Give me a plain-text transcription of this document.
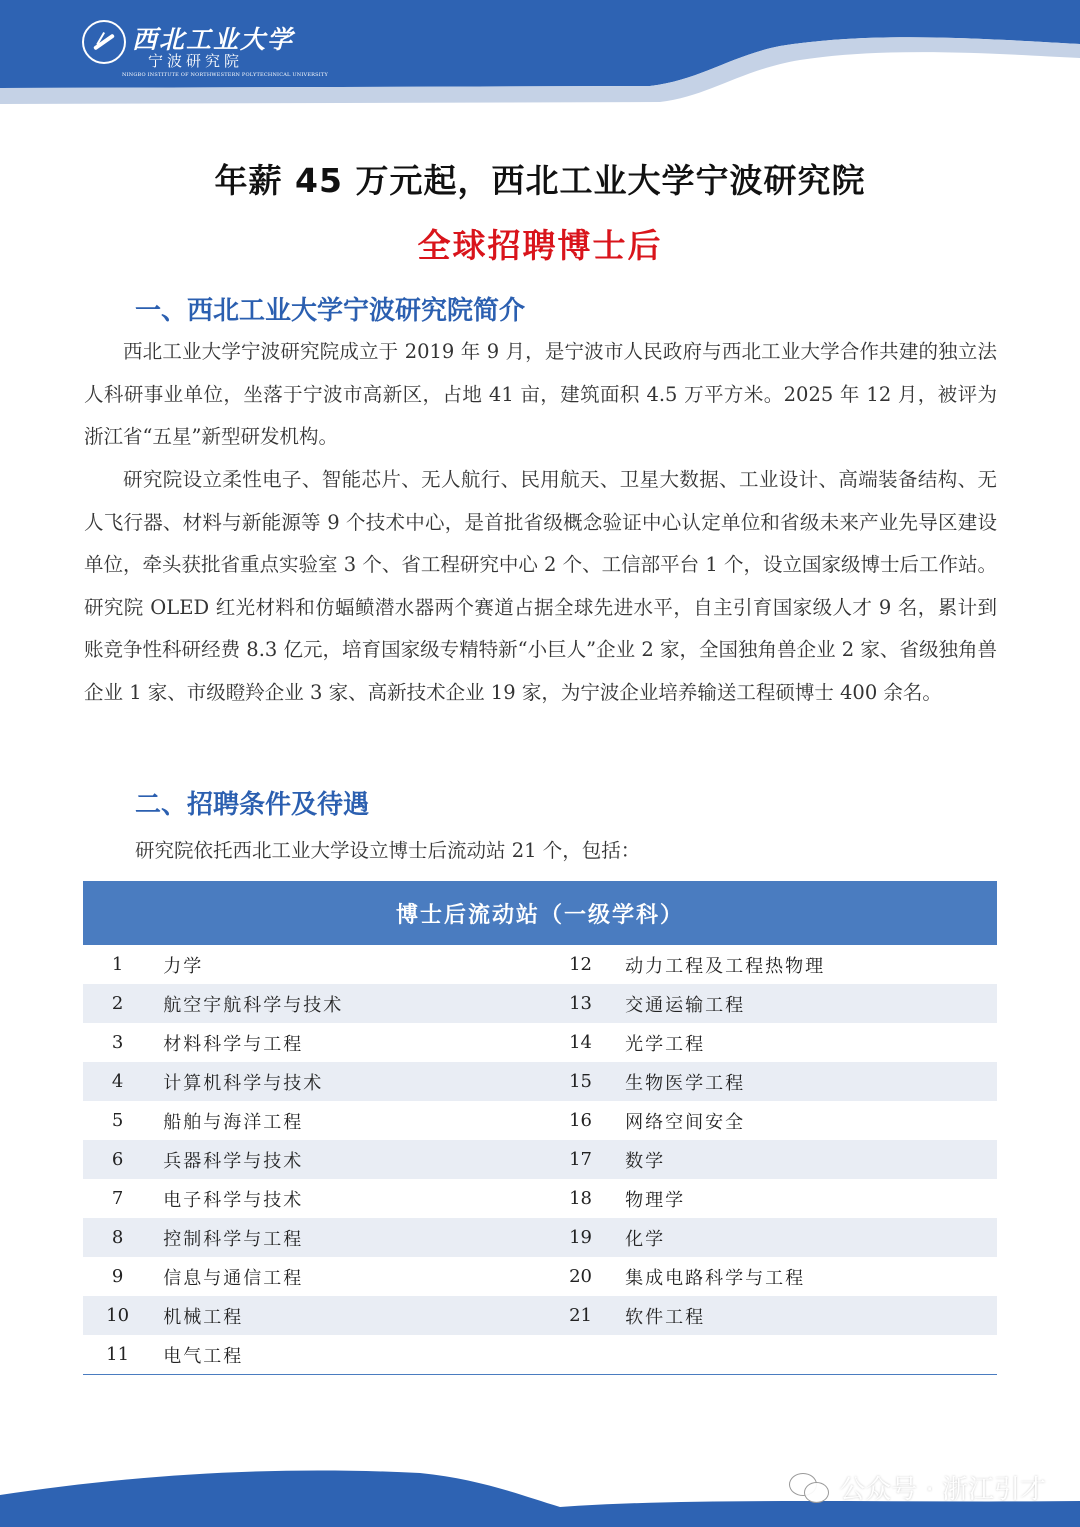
西北工业大学
宁波研究院
NINGBO INSTITUTE OF NORTHWESTERN POLYTECHNICAL UNIVERSITY
年薪 45 万元起，西北工业大学宁波研究院
全球招聘博士后
一、西北工业大学宁波研究院简介

西北工业大学宁波研究院成立于 2019 年 9 月，是宁波市人民政府与西北工业大学合作共建的独立法人科研事业单位，坐落于宁波市高新区，占地 41 亩，建筑面积 4.5 万平方米。2025 年 12 月，被评为浙江省“五星”新型研发机构。

研究院设立柔性电子、智能芯片、无人航行、民用航天、卫星大数据、工业设计、高端装备结构、无人飞行器、材料与新能源等 9 个技术中心，是首批省级概念验证中心认定单位和省级未来产业先导区建设单位，牵头获批省重点实验室 3 个、省工程研究中心 2 个、工信部平台 1 个，设立国家级博士后工作站。研究院 OLED 红光材料和仿蝠鲼潜水器两个赛道占据全球先进水平，自主引育国家级人才 9 名，累计到账竞争性科研经费 8.3 亿元，培育国家级专精特新“小巨人”企业 2 家，全国独角兽企业 2 家、省级独角兽企业 1 家、市级瞪羚企业 3 家、高新技术企业 19 家，为宁波企业培养输送工程硕博士 400 余名。

二、招聘条件及待遇
研究院依托西北工业大学设立博士后流动站 21 个，包括：
博士后流动站（一级学科）
1	力学	12	动力工程及工程热物理
2	航空宇航科学与技术	13	交通运输工程
3	材料科学与工程	14	光学工程
4	计算机科学与技术	15	生物医学工程
5	船舶与海洋工程	16	网络空间安全
6	兵器科学与技术	17	数学
7	电子科学与技术	18	物理学
8	控制科学与工程	19	化学
9	信息与通信工程	20	集成电路科学与工程
10	机械工程	21	软件工程
11	电气工程
公众号 · 浙江引才
